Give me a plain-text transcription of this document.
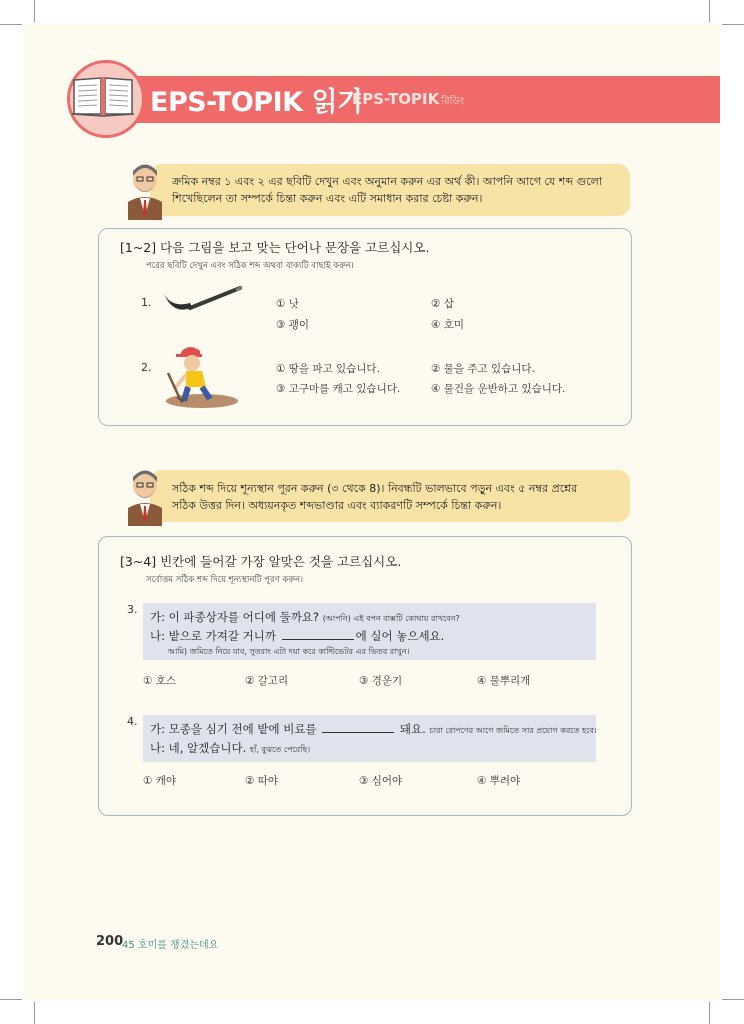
EPS-TOPIK 읽기
EPS-TOPIK রিডিং
ক্রমিক নম্বর ১ এবং ২ এর ছবিটি দেখুন এবং অনুমান করুন এর অর্থ কী। আপনি আগে যে শব্দ গুলো
শিখেছিলেন তা সম্পর্কে চিন্তা করুন এবং এটি সমাধান করার চেষ্টা করুন।
[1~2] 다음 그림을 보고 맞는 단어나 문장을 고르십시오.
পরের ছবিটি দেখুন এবং সঠিক শব্দ অথবা বাক্যটি বাছাই করুন।
1.	① 낫	② 삽
③ 괭이	④ 호미
2.	① 땅을 파고 있습니다.	② 물을 주고 있습니다.
③ 고구마를 캐고 있습니다.	④ 물건을 운반하고 있습니다.
সঠিক শব্দ দিয়ে শূন্যস্থান পূরন করুন (৩ থেকে 8)। নিবন্ধটি ভালভাবে পড়ুন এবং ৫ নম্বর প্রশ্নের
সঠিক উত্তর দিন। অধ্যয়নকৃত শব্দভাণ্ডার এবং ব্যাকরণটি সম্পর্কে চিন্তা করুন।
[3~4] 빈칸에 들어갈 가장 알맞은 것을 고르십시오.
সর্বোত্তম সঠিক শব্দ দিয়ে শূন্যস্থানটি পূরণ করুন।
3.
가: 이 파종상자를 어디에 둘까요? (আপনি) এই বপন বাক্সটি কোথায় রাখবেন?
나: 밭으로 가져갈 거니까	에 실어 놓으세요.
আমি) জমিতে নিয়ে যাব, সুতরাং এটা দয়া করে কাল্টিভেটর এর ভিতর রাখুন।
① 호스	② 갈고리	③ 경운기	④ 물뿌리개
4.
가: 모종을 심기 전에 밭에 비료를	돼요. চারা রোপণের আগে জমিতে সার প্রয়োগ করতে হবে।
나: 네, 알겠습니다. হাঁ, বুঝতে পেরেছি।
① 캐야	② 따야	③ 심어야	④ 뿌려야
200
45 호미를 챙겼는데요
